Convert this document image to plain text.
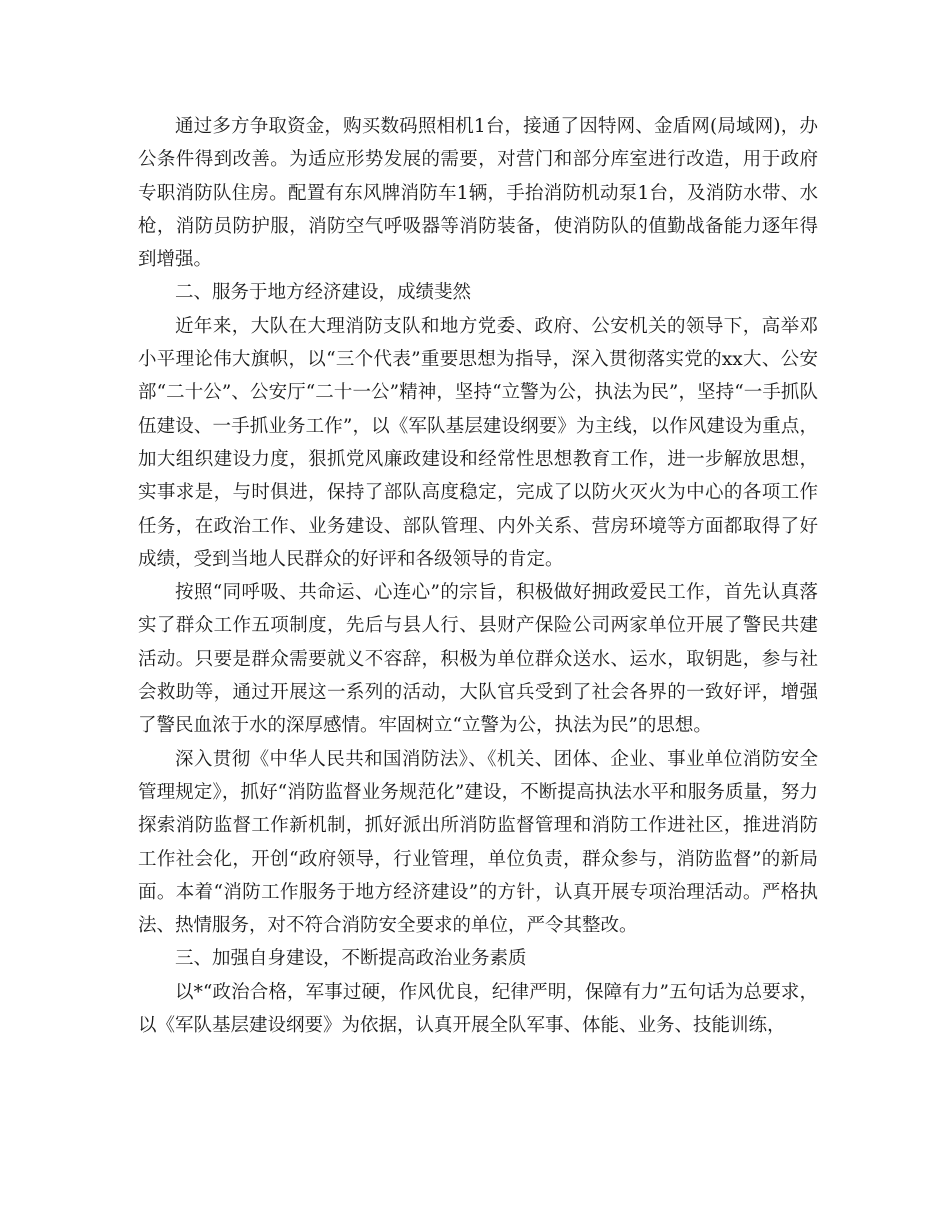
通过多方争取资金，购买数码照相机1台，接通了因特网、金盾网(局域网)，办公条件得到改善。为适应形势发展的需要，对营门和部分库室进行改造，用于政府专职消防队住房。配置有东风牌消防车1辆，手抬消防机动泵1台，及消防水带、水枪，消防员防护服，消防空气呼吸器等消防装备，使消防队的值勤战备能力逐年得到增强。

二、服务于地方经济建设，成绩斐然

近年来，大队在大理消防支队和地方党委、政府、公安机关的领导下，高举邓小平理论伟大旗帜，以“三个代表”重要思想为指导，深入贯彻落实党的xx大、公安部“二十公”、公安厅“二十一公”精神，坚持“立警为公，执法为民”，坚持“一手抓队伍建设、一手抓业务工作”，以《军队基层建设纲要》为主线，以作风建设为重点，加大组织建设力度，狠抓党风廉政建设和经常性思想教育工作，进一步解放思想，实事求是，与时俱进，保持了部队高度稳定，完成了以防火灭火为中心的各项工作任务，在政治工作、业务建设、部队管理、内外关系、营房环境等方面都取得了好成绩，受到当地人民群众的好评和各级领导的肯定。

按照“同呼吸、共命运、心连心”的宗旨，积极做好拥政爱民工作，首先认真落实了群众工作五项制度，先后与县人行、县财产保险公司两家单位开展了警民共建活动。只要是群众需要就义不容辞，积极为单位群众送水、运水，取钥匙，参与社会救助等，通过开展这一系列的活动，大队官兵受到了社会各界的一致好评，增强了警民血浓于水的深厚感情。牢固树立“立警为公，执法为民”的思想。

深入贯彻《中华人民共和国消防法》、《机关、团体、企业、事业单位消防安全管理规定》，抓好“消防监督业务规范化”建设，不断提高执法水平和服务质量，努力探索消防监督工作新机制，抓好派出所消防监督管理和消防工作进社区，推进消防工作社会化，开创“政府领导，行业管理，单位负责，群众参与，消防监督”的新局面。本着“消防工作服务于地方经济建设”的方针，认真开展专项治理活动。严格执法、热情服务，对不符合消防安全要求的单位，严令其整改。

三、加强自身建设，不断提高政治业务素质

以*“政治合格，军事过硬，作风优良，纪律严明，保障有力”五句话为总要求，以《军队基层建设纲要》为依据，认真开展全队军事、体能、业务、技能训练，
